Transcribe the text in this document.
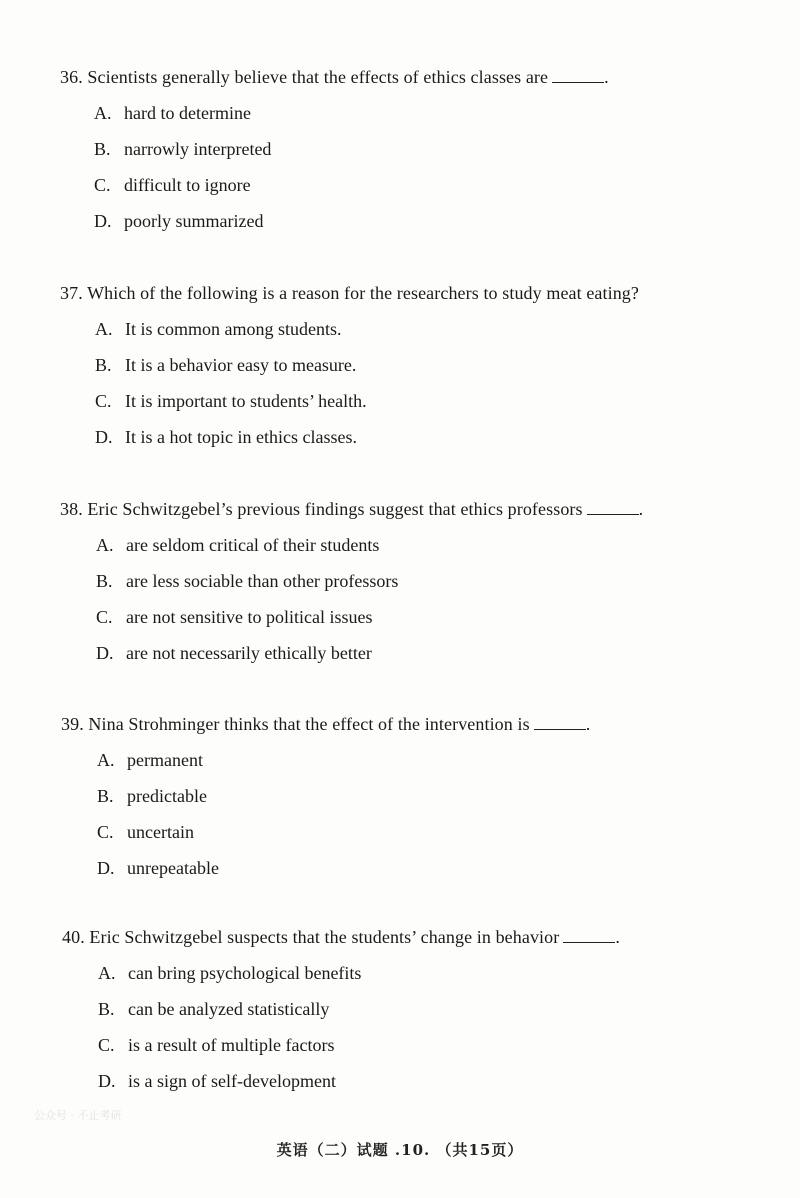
36. Scientists generally believe that the effects of ethics classes are	.
A. hard to determine
B. narrowly interpreted
C. difficult to ignore
D. poorly summarized
37. Which of the following is a reason for the researchers to study meat eating?
A. It is common among students.
B. It is a behavior easy to measure.
C. It is important to students’ health.
D. It is a hot topic in ethics classes.
38. Eric Schwitzgebel’s previous findings suggest that ethics professors	.
A. are seldom critical of their students
B. are less sociable than other professors
C. are not sensitive to political issues
D. are not necessarily ethically better
39. Nina Strohminger thinks that the effect of the intervention is	.
A. permanent
B. predictable
C. uncertain
D. unrepeatable
40. Eric Schwitzgebel suspects that the students’ change in behavior	.
A. can bring psychological benefits
B. can be analyzed statistically
C. is a result of multiple factors
D. is a sign of self-development
公众号 · 不止考研
英语（二）试题 .10. （共15页）
